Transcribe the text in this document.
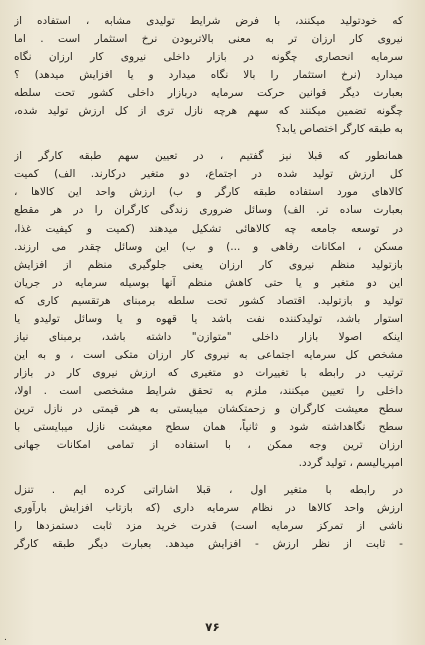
که خودتولید میکنند، با فرض شرایط تولیدی مشابه ، استفاده از
نیروی کار ارزان تر به معنی بالاتربودن نرخ استثمار است . اما
سرمایه انحصاری چگونه در بازار داخلی نیروی کار ارزان نگاه
میدارد (نرخ استثمار را بالا نگاه میدارد و یا افزایش میدهد) ؟
بعبارت دیگر قوانین حرکت سرمایه دربازار داخلی کشور تحت سلطه
چگونه تضمین میکنند که سهم هرچه نازل تری از کل ارزش تولید شده،
به طبقه کارگر اختصاص یابد؟
همانطور که قبلا نیز گفتیم ، در تعیین سهم طبقه کارگر از
کل ارزش تولید شده در اجتماع، دو متغیر درکارند. الف) کمیت
کالاهای مورد استفاده طبقه کارگر و ب) ارزش واحد این کالاها ،
بعبارت ساده تر. الف) وسائل ضروری زندگی کارگران را در هر مقطع
در توسعه جامعه چه کالاهائی تشکیل میدهند (کمیت و کیفیت غذا،
مسکن ، امکانات رفاهی و ...) و ب) این وسائل چقدر می ارزند.
بازتولید منظم نیروی کار ارزان یعنی جلوگیری منظم از افزایش
این دو متغیر و یا حتی کاهش منظم آنها بوسیله سرمایه در جریان
تولید و بازتولید. اقتصاد کشور تحت سلطه برمبنای هرتقسیم کاری که
استوار باشد، تولیدکننده نفت باشد یا قهوه و یا وسائل تولیدو یا
اینکه اصولا بازار داخلی "متوازن" داشته باشد، برمبنای نیاز
مشخص کل سرمایه اجتماعی به نیروی کار ارزان متکی است ، و به این
ترتیب در رابطه با تغییرات دو متغیری که ارزش نیروی کار در بازار
داخلی را تعیین میکنند، ملزم به تحقق شرایط مشخصی است . اولا،
سطح معیشت کارگران و زحمتکشان میبایستی به هر قیمتی در نازل ترین
سطح نگاهداشته شود و ثانیاً، همان سطح معیشت نازل میبایستی با
ارزان ترین وجه ممکن ، با استفاده از تمامی امکانات جهانی
امپریالیسم ، تولید گردد.
در رابطه با متغیر اول ، قبلا اشاراتی کرده ایم . تنزل
ارزش واحد کالاها در نظام سرمایه داری (که بازتاب افزایش بارآوری
ناشی از تمرکز سرمایه است) قدرت خرید مزد ثابت دستمزدها را
- ثابت از نظر ارزش - افزایش میدهد. بعبارت دیگر طبقه کارگر
۷۶
.
